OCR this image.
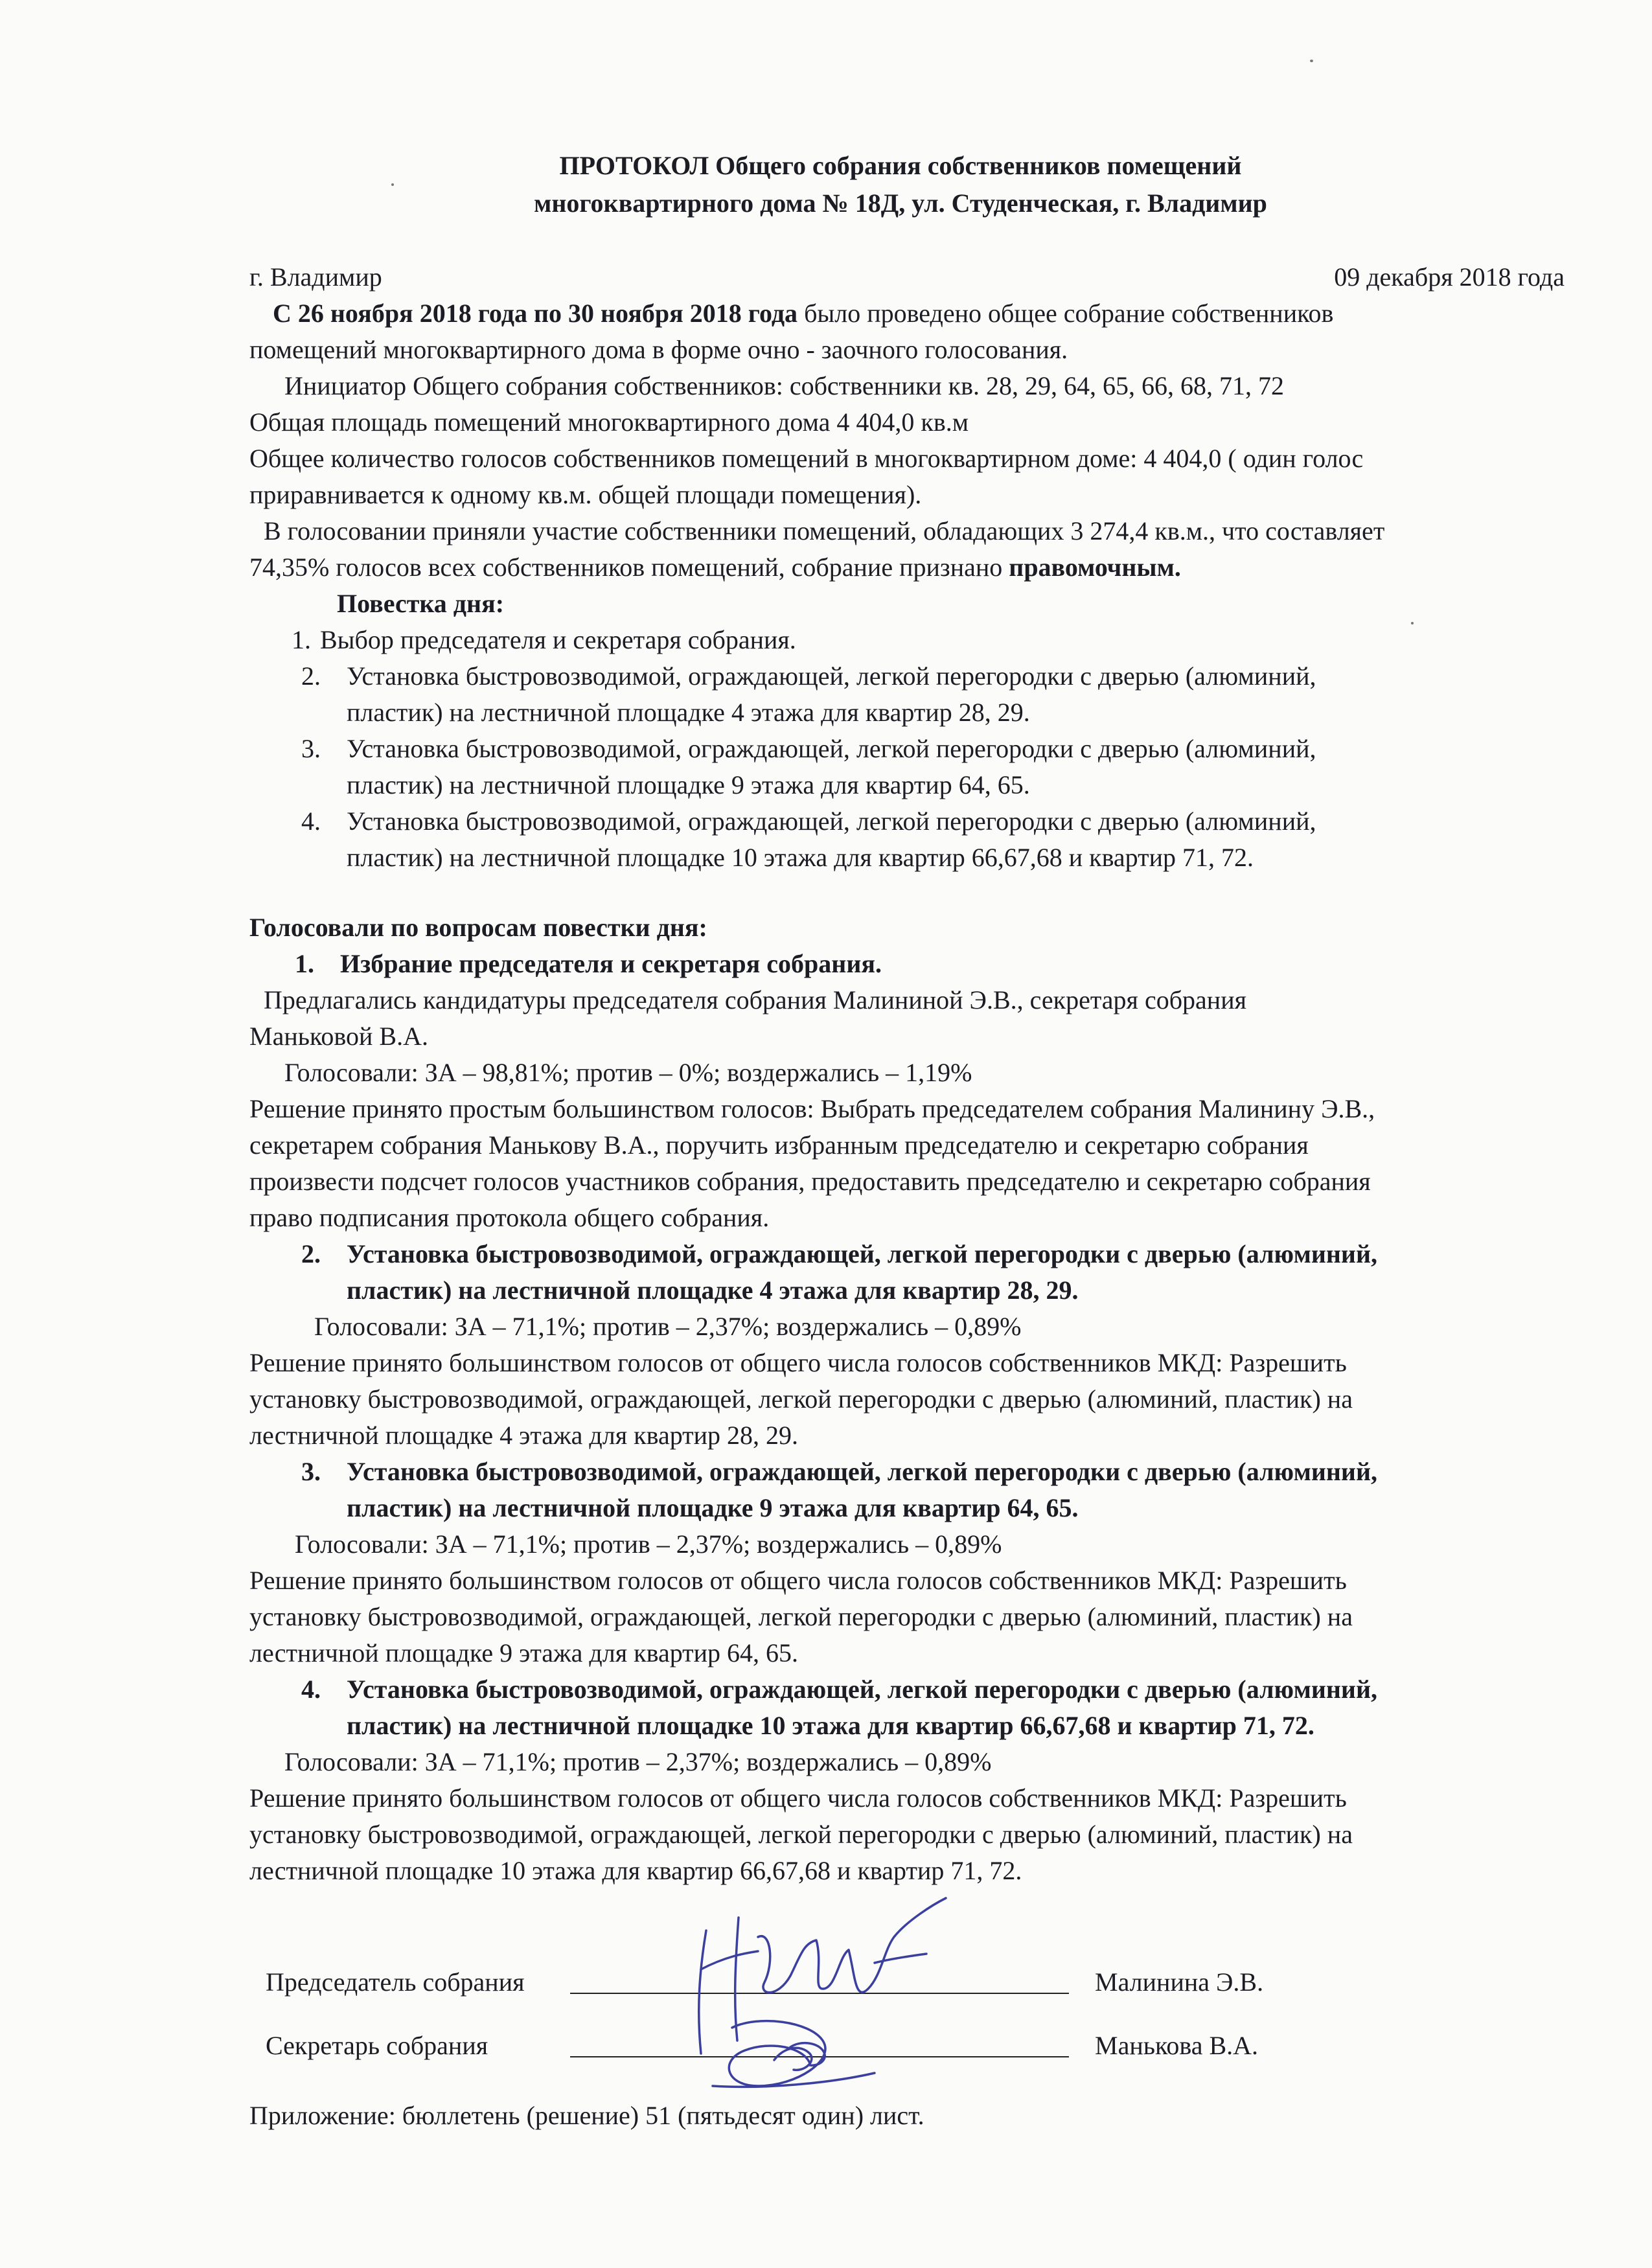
ПРОТОКОЛ Общего собрания собственников помещений
многоквартирного дома № 18Д, ул. Студенческая, г. Владимир
г. Владимир	09 декабря 2018 года
С 26 ноября 2018 года по 30 ноября 2018 года было проведено общее собрание собственников
помещений многоквартирного дома в форме очно - заочного голосования.
Инициатор Общего собрания собственников: собственники кв. 28, 29, 64, 65, 66, 68, 71, 72
Общая площадь помещений многоквартирного дома 4 404,0 кв.м
Общее количество голосов собственников помещений в многоквартирном доме: 4 404,0 ( один голос
приравнивается к одному кв.м. общей площади помещения).
В голосовании приняли участие собственники помещений, обладающих 3 274,4 кв.м., что составляет
74,35% голосов всех собственников помещений, собрание признано правомочным.
Повестка дня:
1. Выбор председателя и секретаря собрания.
2.	Установка быстровозводимой, ограждающей, легкой перегородки с дверью (алюминий,
пластик) на лестничной площадке 4 этажа для квартир 28, 29.
3.	Установка быстровозводимой, ограждающей, легкой перегородки с дверью (алюминий,
пластик) на лестничной площадке 9 этажа для квартир 64, 65.
4.	Установка быстровозводимой, ограждающей, легкой перегородки с дверью (алюминий,
пластик) на лестничной площадке 10 этажа для квартир 66,67,68 и квартир 71, 72.
Голосовали по вопросам повестки дня:
1.	Избрание председателя и секретаря собрания.
Предлагались кандидатуры председателя собрания Малининой Э.В., секретаря собрания
Маньковой В.А.
Голосовали: ЗА – 98,81%; против – 0%; воздержались – 1,19%
Решение принято простым большинством голосов: Выбрать председателем собрания Малинину Э.В.,
секретарем собрания Манькову В.А., поручить избранным председателю и секретарю собрания
произвести подсчет голосов участников собрания, предоставить председателю и секретарю собрания
право подписания протокола общего собрания.
2.	Установка быстровозводимой, ограждающей, легкой перегородки с дверью (алюминий,
пластик) на лестничной площадке 4 этажа для квартир 28, 29.
Голосовали: ЗА – 71,1%; против – 2,37%; воздержались – 0,89%
Решение принято большинством голосов от общего числа голосов собственников МКД: Разрешить
установку быстровозводимой, ограждающей, легкой перегородки с дверью (алюминий, пластик) на
лестничной площадке 4 этажа для квартир 28, 29.
3.	Установка быстровозводимой, ограждающей, легкой перегородки с дверью (алюминий,
пластик) на лестничной площадке 9 этажа для квартир 64, 65.
Голосовали: ЗА – 71,1%; против – 2,37%; воздержались – 0,89%
Решение принято большинством голосов от общего числа голосов собственников МКД: Разрешить
установку быстровозводимой, ограждающей, легкой перегородки с дверью (алюминий, пластик) на
лестничной площадке 9 этажа для квартир 64, 65.
4.	Установка быстровозводимой, ограждающей, легкой перегородки с дверью (алюминий,
пластик) на лестничной площадке 10 этажа для квартир 66,67,68 и квартир 71, 72.
Голосовали: ЗА – 71,1%; против – 2,37%; воздержались – 0,89%
Решение принято большинством голосов от общего числа голосов собственников МКД: Разрешить
установку быстровозводимой, ограждающей, легкой перегородки с дверью (алюминий, пластик) на
лестничной площадке 10 этажа для квартир 66,67,68 и квартир 71, 72.
Председатель собрания	Малинина Э.В.
Секретарь собрания	Манькова В.А.
Приложение: бюллетень (решение) 51 (пятьдесят один) лист.
